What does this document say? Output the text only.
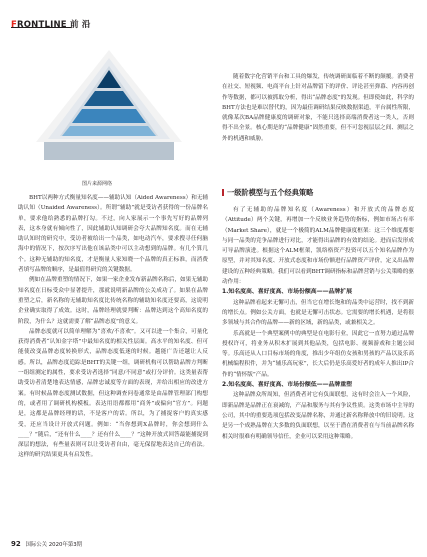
FRONTLINE 前 沿
图片来源网络

BHT以两种方式衡量知名度——辅助认知（Aided Awareness）和无辅助认知（Unaided Awareness）。所谓“辅助”就是受访者获得的一份品牌名单，要求他给熟悉的品牌打勾。不过，向人家展示一个事先写好的品牌列表，这本身就有倾向性了，因此辅助认知调研会夸大品牌知名度。而在无辅助认知时的研究中，受访者被给出一个品类，如电动汽车，要求搜寻任何脑海中的情况下，按次序写出他在该品类中可以主动想到的品牌。有几个算几个。这种无辅助的知名度，才是衡量人家知晓一个品牌的真正标准，而消费者填写品牌的顺序，是最值得研究的关键数据。

例如在品牌重塑的情况下，如果一家企业发布新品牌名称后，如果无辅助知名度在日标受众中显著提升，那就说明新品牌的公关成功了。如果在品牌重塑之后，新名称的无辅助知名度比传统名称的辅助知名度还要高，这说明企业确实取得了成效。这时，品牌经理就要判断：品牌达到这个高知名度的阶段，为什么？这就需要了解“品牌态度”的意义。

品牌态度就可以简单理解为“喜欢/不喜欢”。又可以进一个集合，可量化获得消费者“认知金字塔”中最知名度的相关性层面。高水平的知名度、但可能使改变品牌态度转换形式，品牌态度低迷的时候。越能广告还越让人反感。所以，品牌态度追踪是BHT的关键一组，调研机构可以帮助品牌方判断一组组测定的属性，要求受访者选择“同意/不同意”或打分评价。这类量表帮助受访者清楚地表达情感，品牌忠诚度等方面的表现，并给出相应的改进方案。有时候品牌态度测试数据，但这种调查问卷通常是由品牌管理部门构想的，或者用了调研机构模板。表达用语都都用“商务”或偏向“官方”。问题是，这都是品牌经理的话，不是客户的话。所以，为了捕捉客户的真实感受，还应当设计开放式问题。例如：“当你想到X品牌时，你会想到什么____？”随后，“还有什么____？还有什么____？”这种开放式回答最能捕捉到深层的想法，有些量表则可以让受访者自由，毫无保留地表达自己的看法。这样的研究结果更具有启发性。

随着数字化营销平台和工具的爆发，传统调研面临着不断的颠覆。消费者在社交、短视频、电商平台上针对品牌留下的评价、评论甚至弹幕、内容再创作等数据，都可以被抓取分析，得出“品牌态度”的发现。但即使如此，科学的BHT方法也是难以替代的，因为最佳调研结果反映数据渠道，平台属性所限，就像某次BA品牌健康度的调研对象，不能只选择高端消费者这一类人，否则得不出全景。核心期是的“品牌健康”固然重要，但不可忽视层层之间、测层之外的机遇和威胁。

一级阶模型与五个经典策略

有了无辅助的品牌知名度（Awareness）和开放式的品牌态度（Attitude）两个关键，再增加一个反映业务趋势的指标，例如市场占有率（Market Share），就是一个极简的ALM品牌健康度框架：这三个维度都要与同一品类的竞争品牌进行对比，才能得出品牌的有效的结论。进而启发形成可导品牌演进。根据这个ALM框架，凯络格资产投资可以五个知名品牌作为原型，并对其知名度、开放式态度和市场份额进行品牌资产评价，定义出品牌建设的五种经典策略。我们可以看到BHT调研指标和品牌营销与公关策略的驱动作用：

1.知名度高、喜好度高、市场份额高——品牌扩展

这种品牌看起来无懈可击，但当它在增长饱和的品类中运营时，找不到新的增长点。例如公关方面，也就是无懈可击状态。它需要的增长机遇，是将很多领域与其合作的品牌——新的区域，新的品类，或兼相关之。

乐高就是一个典型案例中的典型是在电影行业，因此它一直努力通过品牌授权许可，将业务从积木扩展到其他品类，包括电影、视频游戏和主题公园等。乐高还从人口目标市场的角度，推出少年组仿女孩和男孩的产品以及乐高机械编程积件，并为“辅乐高玩家”，长大后仍是乐高爱好者的成年人推出IP合作的“情怀版”产品。

2.知名度高、喜好度高、市场份额低——品牌重塑

这种品牌众所周知，但消费者对它有负面联想，这有时会注入一个风险，即新品牌是品牌正在衰减的，产品和服务与其有争议性质。这类市场中主导的公司，其中的重要选项包括改变品牌名称，并通过新名称释放中的旧说明。这是另一个成熟品牌在大多数的负面联想，以至于潜在消费者在与当前品牌名称相关时很难有明确领导信任，企业可以采用这种策略。

92 国际公关 2020年第3期
